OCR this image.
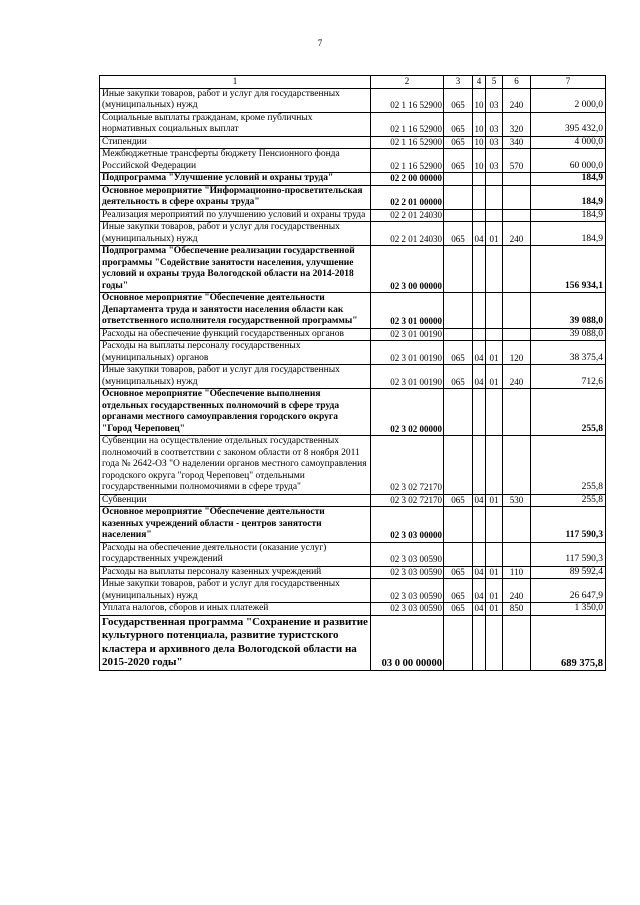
7
1	2	3	4	5	6	7
Иные закупки товаров, работ и услуг для государственных (муниципальных) нужд	02 1 16 52900	065	10	03	240	2 000,0
Социальные выплаты гражданам, кроме публичных нормативных социальных выплат	02 1 16 52900	065	10	03	320	395 432,0
Стипендии	02 1 16 52900	065	10	03	340	4 000,0
Межбюджетные трансферты бюджету Пенсионного фонда Российской Федерации	02 1 16 52900	065	10	03	570	60 000,0
Подпрограмма "Улучшение условий и охраны труда"	02 2 00 00000					184,9
Основное мероприятие "Информационно-просветительская деятельность в сфере охраны труда"	02 2 01 00000					184,9
Реализация мероприятий по улучшению условий и охраны труда	02 2 01 24030					184,9
Иные закупки товаров, работ и услуг для государственных (муниципальных) нужд	02 2 01 24030	065	04	01	240	184,9
Подпрограмма "Обеспечение реализации государственной программы "Содействие занятости населения, улучшение условий и охраны труда Вологодской области на 2014-2018 годы"	02 3 00 00000					156 934,1
Основное мероприятие "Обеспечение деятельности Департамента труда и занятости населения области как ответственного исполнителя государственной программы"	02 3 01 00000					39 088,0
Расходы на обеспечение функций государственных органов	02 3 01 00190					39 088,0
Расходы на выплаты персоналу государственных (муниципальных) органов	02 3 01 00190	065	04	01	120	38 375,4
Иные закупки товаров, работ и услуг для государственных (муниципальных) нужд	02 3 01 00190	065	04	01	240	712,6
Основное мероприятие "Обеспечение выполнения отдельных государственных полномочий в сфере труда органами местного самоуправления городского округа "Город Череповец"	02 3 02 00000					255,8
Субвенции на осуществление отдельных государственных полномочий в соответствии с законом области от 8 ноября 2011 года № 2642-ОЗ "О наделении органов местного самоуправления городского округа "город Череповец" отдельными государственными полномочиями в сфере труда"	02 3 02 72170					255,8
Субвенции	02 3 02 72170	065	04	01	530	255,8
Основное мероприятие "Обеспечение деятельности казенных учреждений области - центров занятости населения"	02 3 03 00000					117 590,3
Расходы на обеспечение деятельности (оказание услуг) государственных учреждений	02 3 03 00590					117 590,3
Расходы на выплаты персоналу казенных учреждений	02 3 03 00590	065	04	01	110	89 592,4
Иные закупки товаров, работ и услуг для государственных (муниципальных) нужд	02 3 03 00590	065	04	01	240	26 647,9
Уплата налогов, сборов и иных платежей	02 3 03 00590	065	04	01	850	1 350,0
Государственная программа "Сохранение и развитие культурного потенциала, развитие туристского кластера и архивного дела Вологодской области на 2015-2020 годы"	03 0 00 00000					689 375,8
